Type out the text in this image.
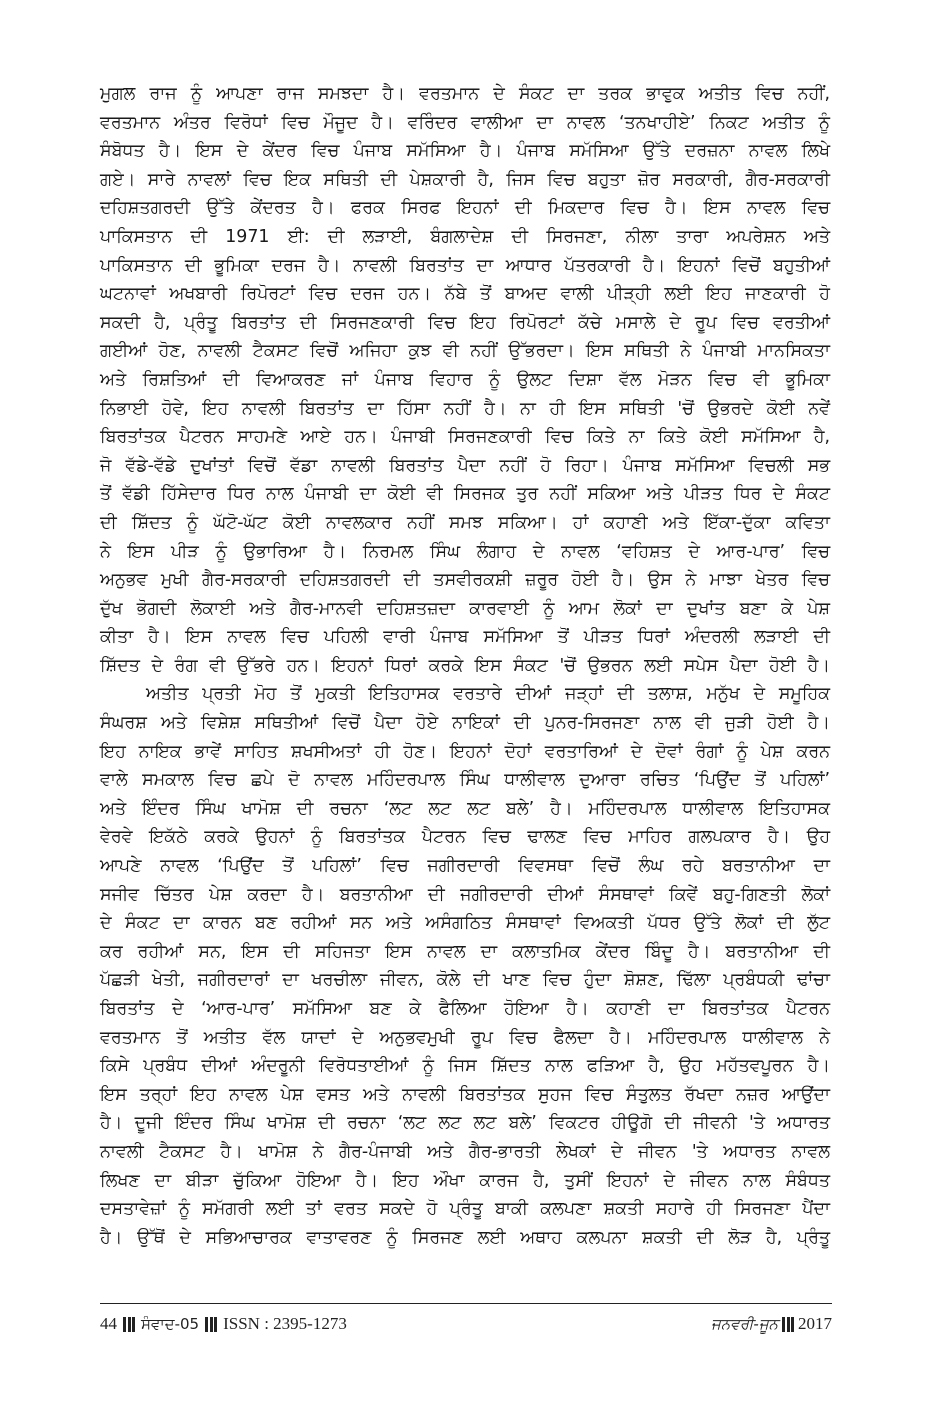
ਮੁਗਲ ਰਾਜ ਨੂੰ ਆਪਣਾ ਰਾਜ ਸਮਝਦਾ ਹੈ। ਵਰਤਮਾਨ ਦੇ ਸੰਕਟ ਦਾ ਤਰਕ ਭਾਵੁਕ ਅਤੀਤ ਵਿਚ ਨਹੀਂ,
ਵਰਤਮਾਨ ਅੰਤਰ ਵਿਰੋਧਾਂ ਵਿਚ ਮੌਜੂਦ ਹੈ। ਵਰਿੰਦਰ ਵਾਲੀਆ ਦਾ ਨਾਵਲ ‘ਤਨਖਾਹੀਏ’ ਨਿਕਟ ਅਤੀਤ ਨੂੰ
ਸੰਬੋਧਤ ਹੈ। ਇਸ ਦੇ ਕੇਂਦਰ ਵਿਚ ਪੰਜਾਬ ਸਮੱਸਿਆ ਹੈ। ਪੰਜਾਬ ਸਮੱਸਿਆ ਉੱਤੇ ਦਰਜ਼ਨਾ ਨਾਵਲ ਲਿਖੇ
ਗਏ। ਸਾਰੇ ਨਾਵਲਾਂ ਵਿਚ ਇਕ ਸਥਿਤੀ ਦੀ ਪੇਸ਼ਕਾਰੀ ਹੈ, ਜਿਸ ਵਿਚ ਬਹੁਤਾ ਜ਼ੋਰ ਸਰਕਾਰੀ, ਗੈਰ-ਸਰਕਾਰੀ
ਦਹਿਸ਼ਤਗਰਦੀ ਉੱਤੇ ਕੇਂਦਰਤ ਹੈ। ਫਰਕ ਸਿਰਫ ਇਹਨਾਂ ਦੀ ਮਿਕਦਾਰ ਵਿਚ ਹੈ। ਇਸ ਨਾਵਲ ਵਿਚ
ਪਾਕਿਸਤਾਨ ਦੀ 1971 ਈ: ਦੀ ਲੜਾਈ, ਬੰਗਲਾਦੇਸ਼ ਦੀ ਸਿਰਜਣਾ, ਨੀਲਾ ਤਾਰਾ ਅਪਰੇਸ਼ਨ ਅਤੇ
ਪਾਕਿਸਤਾਨ ਦੀ ਭੂਮਿਕਾ ਦਰਜ ਹੈ। ਨਾਵਲੀ ਬਿਰਤਾਂਤ ਦਾ ਆਧਾਰ ਪੱਤਰਕਾਰੀ ਹੈ। ਇਹਨਾਂ ਵਿਚੋਂ ਬਹੁਤੀਆਂ
ਘਟਨਾਵਾਂ ਅਖਬਾਰੀ ਰਿਪੋਰਟਾਂ ਵਿਚ ਦਰਜ ਹਨ। ਨੱਬੇ ਤੋਂ ਬਾਅਦ ਵਾਲੀ ਪੀੜ੍ਹੀ ਲਈ ਇਹ ਜਾਣਕਾਰੀ ਹੋ
ਸਕਦੀ ਹੈ, ਪ੍ਰੰਤੂ ਬਿਰਤਾਂਤ ਦੀ ਸਿਰਜਣਕਾਰੀ ਵਿਚ ਇਹ ਰਿਪੋਰਟਾਂ ਕੱਚੇ ਮਸਾਲੇ ਦੇ ਰੂਪ ਵਿਚ ਵਰਤੀਆਂ
ਗਈਆਂ ਹੋਣ, ਨਾਵਲੀ ਟੈਕਸਟ ਵਿਚੋਂ ਅਜਿਹਾ ਕੁਝ ਵੀ ਨਹੀਂ ਉੱਭਰਦਾ। ਇਸ ਸਥਿਤੀ ਨੇ ਪੰਜਾਬੀ ਮਾਨਸਿਕਤਾ
ਅਤੇ ਰਿਸ਼ਤਿਆਂ ਦੀ ਵਿਆਕਰਣ ਜਾਂ ਪੰਜਾਬ ਵਿਹਾਰ ਨੂੰ ਉਲਟ ਦਿਸ਼ਾ ਵੱਲ ਮੋੜਨ ਵਿਚ ਵੀ ਭੂਮਿਕਾ
ਨਿਭਾਈ ਹੋਵੇ, ਇਹ ਨਾਵਲੀ ਬਿਰਤਾਂਤ ਦਾ ਹਿੱਸਾ ਨਹੀਂ ਹੈ। ਨਾ ਹੀ ਇਸ ਸਥਿਤੀ 'ਚੋਂ ਉਭਰਦੇ ਕੋਈ ਨਵੇਂ
ਬਿਰਤਾਂਤਕ ਪੈਟਰਨ ਸਾਹਮਣੇ ਆਏ ਹਨ। ਪੰਜਾਬੀ ਸਿਰਜਣਕਾਰੀ ਵਿਚ ਕਿਤੇ ਨਾ ਕਿਤੇ ਕੋਈ ਸਮੱਸਿਆ ਹੈ,
ਜੋ ਵੱਡੇ-ਵੱਡੇ ਦੁਖਾਂਤਾਂ ਵਿਚੋਂ ਵੱਡਾ ਨਾਵਲੀ ਬਿਰਤਾਂਤ ਪੈਦਾ ਨਹੀਂ ਹੋ ਰਿਹਾ। ਪੰਜਾਬ ਸਮੱਸਿਆ ਵਿਚਲੀ ਸਭ
ਤੋਂ ਵੱਡੀ ਹਿੱਸੇਦਾਰ ਧਿਰ ਨਾਲ ਪੰਜਾਬੀ ਦਾ ਕੋਈ ਵੀ ਸਿਰਜਕ ਤੁਰ ਨਹੀਂ ਸਕਿਆ ਅਤੇ ਪੀੜਤ ਧਿਰ ਦੇ ਸੰਕਟ
ਦੀ ਸ਼ਿੱਦਤ ਨੂੰ ਘੱਟੋ-ਘੱਟ ਕੋਈ ਨਾਵਲਕਾਰ ਨਹੀਂ ਸਮਝ ਸਕਿਆ। ਹਾਂ ਕਹਾਣੀ ਅਤੇ ਇੱਕਾ-ਦੁੱਕਾ ਕਵਿਤਾ
ਨੇ ਇਸ ਪੀੜ ਨੂੰ ਉਭਾਰਿਆ ਹੈ। ਨਿਰਮਲ ਸਿੰਘ ਲੰਗਾਹ ਦੇ ਨਾਵਲ ‘ਵਹਿਸ਼ਤ ਦੇ ਆਰ-ਪਾਰ’ ਵਿਚ
ਅਨੁਭਵ ਮੁਖੀ ਗੈਰ-ਸਰਕਾਰੀ ਦਹਿਸ਼ਤਗਰਦੀ ਦੀ ਤਸਵੀਰਕਸ਼ੀ ਜ਼ਰੂਰ ਹੋਈ ਹੈ। ਉਸ ਨੇ ਮਾਝਾ ਖੇਤਰ ਵਿਚ
ਦੁੱਖ ਭੋਗਦੀ ਲੋਕਾਈ ਅਤੇ ਗੈਰ-ਮਾਨਵੀ ਦਹਿਸ਼ਤਜ਼ਦਾ ਕਾਰਵਾਈ ਨੂੰ ਆਮ ਲੋਕਾਂ ਦਾ ਦੁਖਾਂਤ ਬਣਾ ਕੇ ਪੇਸ਼
ਕੀਤਾ ਹੈ। ਇਸ ਨਾਵਲ ਵਿਚ ਪਹਿਲੀ ਵਾਰੀ ਪੰਜਾਬ ਸਮੱਸਿਆ ਤੋਂ ਪੀੜਤ ਧਿਰਾਂ ਅੰਦਰਲੀ ਲੜਾਈ ਦੀ
ਸ਼ਿੱਦਤ ਦੇ ਰੰਗ ਵੀ ਉੱਭਰੇ ਹਨ। ਇਹਨਾਂ ਧਿਰਾਂ ਕਰਕੇ ਇਸ ਸੰਕਟ 'ਚੋਂ ਉਭਰਨ ਲਈ ਸਪੇਸ ਪੈਦਾ ਹੋਈ ਹੈ।
ਅਤੀਤ ਪ੍ਰਤੀ ਮੋਹ ਤੋਂ ਮੁਕਤੀ ਇਤਿਹਾਸਕ ਵਰਤਾਰੇ ਦੀਆਂ ਜੜ੍ਹਾਂ ਦੀ ਤਲਾਸ਼, ਮਨੁੱਖ ਦੇ ਸਮੂਹਿਕ
ਸੰਘਰਸ਼ ਅਤੇ ਵਿਸ਼ੇਸ਼ ਸਥਿਤੀਆਂ ਵਿਚੋਂ ਪੈਦਾ ਹੋਏ ਨਾਇਕਾਂ ਦੀ ਪੁਨਰ-ਸਿਰਜਣਾ ਨਾਲ ਵੀ ਜੁੜੀ ਹੋਈ ਹੈ।
ਇਹ ਨਾਇਕ ਭਾਵੇਂ ਸਾਹਿਤ ਸ਼ਖਸੀਅਤਾਂ ਹੀ ਹੋਣ। ਇਹਨਾਂ ਦੋਹਾਂ ਵਰਤਾਰਿਆਂ ਦੇ ਦੋਵਾਂ ਰੰਗਾਂ ਨੂੰ ਪੇਸ਼ ਕਰਨ
ਵਾਲੇ ਸਮਕਾਲ ਵਿਚ ਛਪੇ ਦੋ ਨਾਵਲ ਮਹਿੰਦਰਪਾਲ ਸਿੰਘ ਧਾਲੀਵਾਲ ਦੁਆਰਾ ਰਚਿਤ ‘ਪਿਉਂਦ ਤੋਂ ਪਹਿਲਾਂ’
ਅਤੇ ਇੰਦਰ ਸਿੰਘ ਖਾਮੋਸ਼ ਦੀ ਰਚਨਾ ‘ਲਟ ਲਟ ਲਟ ਬਲੇ’ ਹੈ। ਮਹਿੰਦਰਪਾਲ ਧਾਲੀਵਾਲ ਇਤਿਹਾਸਕ
ਵੇਰਵੇ ਇਕੱਠੇ ਕਰਕੇ ਉਹਨਾਂ ਨੂੰ ਬਿਰਤਾਂਤਕ ਪੈਟਰਨ ਵਿਚ ਢਾਲਣ ਵਿਚ ਮਾਹਿਰ ਗਲਪਕਾਰ ਹੈ। ਉਹ
ਆਪਣੇ ਨਾਵਲ ‘ਪਿਉਂਦ ਤੋਂ ਪਹਿਲਾਂ’ ਵਿਚ ਜਗੀਰਦਾਰੀ ਵਿਵਸਥਾ ਵਿਚੋਂ ਲੰਘ ਰਹੇ ਬਰਤਾਨੀਆ ਦਾ
ਸਜੀਵ ਚਿੱਤਰ ਪੇਸ਼ ਕਰਦਾ ਹੈ। ਬਰਤਾਨੀਆ ਦੀ ਜਗੀਰਦਾਰੀ ਦੀਆਂ ਸੰਸਥਾਵਾਂ ਕਿਵੇਂ ਬਹੁ-ਗਿਣਤੀ ਲੋਕਾਂ
ਦੇ ਸੰਕਟ ਦਾ ਕਾਰਨ ਬਣ ਰਹੀਆਂ ਸਨ ਅਤੇ ਅਸੰਗਠਿਤ ਸੰਸਥਾਵਾਂ ਵਿਅਕਤੀ ਪੱਧਰ ਉੱਤੇ ਲੋਕਾਂ ਦੀ ਲੁੱਟ
ਕਰ ਰਹੀਆਂ ਸਨ, ਇਸ ਦੀ ਸਹਿਜਤਾ ਇਸ ਨਾਵਲ ਦਾ ਕਲਾਤਮਿਕ ਕੇਂਦਰ ਬਿੰਦੂ ਹੈ। ਬਰਤਾਨੀਆ ਦੀ
ਪੱਛੜੀ ਖੇਤੀ, ਜਗੀਰਦਾਰਾਂ ਦਾ ਖਰਚੀਲਾ ਜੀਵਨ, ਕੋਲੇ ਦੀ ਖਾਣ ਵਿਚ ਹੁੰਦਾ ਸ਼ੋਸ਼ਣ, ਢਿੱਲਾ ਪ੍ਰਬੰਧਕੀ ਢਾਂਚਾ
ਬਿਰਤਾਂਤ ਦੇ ‘ਆਰ-ਪਾਰ’ ਸਮੱਸਿਆ ਬਣ ਕੇ ਫੈਲਿਆ ਹੋਇਆ ਹੈ। ਕਹਾਣੀ ਦਾ ਬਿਰਤਾਂਤਕ ਪੈਟਰਨ
ਵਰਤਮਾਨ ਤੋਂ ਅਤੀਤ ਵੱਲ ਯਾਦਾਂ ਦੇ ਅਨੁਭਵਮੁਖੀ ਰੂਪ ਵਿਚ ਫੈਲਦਾ ਹੈ। ਮਹਿੰਦਰਪਾਲ ਧਾਲੀਵਾਲ ਨੇ
ਕਿਸੇ ਪ੍ਰਬੰਧ ਦੀਆਂ ਅੰਦਰੂਨੀ ਵਿਰੋਧਤਾਈਆਂ ਨੂੰ ਜਿਸ ਸ਼ਿੱਦਤ ਨਾਲ ਫੜਿਆ ਹੈ, ਉਹ ਮਹੱਤਵਪੂਰਨ ਹੈ।
ਇਸ ਤਰ੍ਹਾਂ ਇਹ ਨਾਵਲ ਪੇਸ਼ ਵਸਤ ਅਤੇ ਨਾਵਲੀ ਬਿਰਤਾਂਤਕ ਸੁਹਜ ਵਿਚ ਸੰਤੁਲਤ ਰੱਖਦਾ ਨਜ਼ਰ ਆਉਂਦਾ
ਹੈ। ਦੂਜੀ ਇੰਦਰ ਸਿੰਘ ਖਾਮੋਸ਼ ਦੀ ਰਚਨਾ ‘ਲਟ ਲਟ ਲਟ ਬਲੇ’ ਵਿਕਟਰ ਹੀਊਗੋ ਦੀ ਜੀਵਨੀ 'ਤੇ ਅਧਾਰਤ
ਨਾਵਲੀ ਟੈਕਸਟ ਹੈ। ਖਾਮੋਸ਼ ਨੇ ਗੈਰ-ਪੰਜਾਬੀ ਅਤੇ ਗੈਰ-ਭਾਰਤੀ ਲੇਖਕਾਂ ਦੇ ਜੀਵਨ 'ਤੇ ਅਧਾਰਤ ਨਾਵਲ
ਲਿਖਣ ਦਾ ਬੀੜਾ ਚੁੱਕਿਆ ਹੋਇਆ ਹੈ। ਇਹ ਔਖਾ ਕਾਰਜ ਹੈ, ਤੁਸੀਂ ਇਹਨਾਂ ਦੇ ਜੀਵਨ ਨਾਲ ਸੰਬੰਧਤ
ਦਸਤਾਵੇਜ਼ਾਂ ਨੂੰ ਸਮੱਗਰੀ ਲਈ ਤਾਂ ਵਰਤ ਸਕਦੇ ਹੋ ਪ੍ਰੰਤੂ ਬਾਕੀ ਕਲਪਣਾ ਸ਼ਕਤੀ ਸਹਾਰੇ ਹੀ ਸਿਰਜਣਾ ਪੈਂਦਾ
ਹੈ। ਉੱਥੋਂ ਦੇ ਸਭਿਆਚਾਰਕ ਵਾਤਾਵਰਣ ਨੂੰ ਸਿਰਜਣ ਲਈ ਅਥਾਹ ਕਲਪਨਾ ਸ਼ਕਤੀ ਦੀ ਲੋੜ ਹੈ, ਪ੍ਰੰਤੂ
44 ਸੰਵਾਦ-05 ISSN : 2395-1273	ਜਨਵਰੀ-ਜੂਨ 2017
